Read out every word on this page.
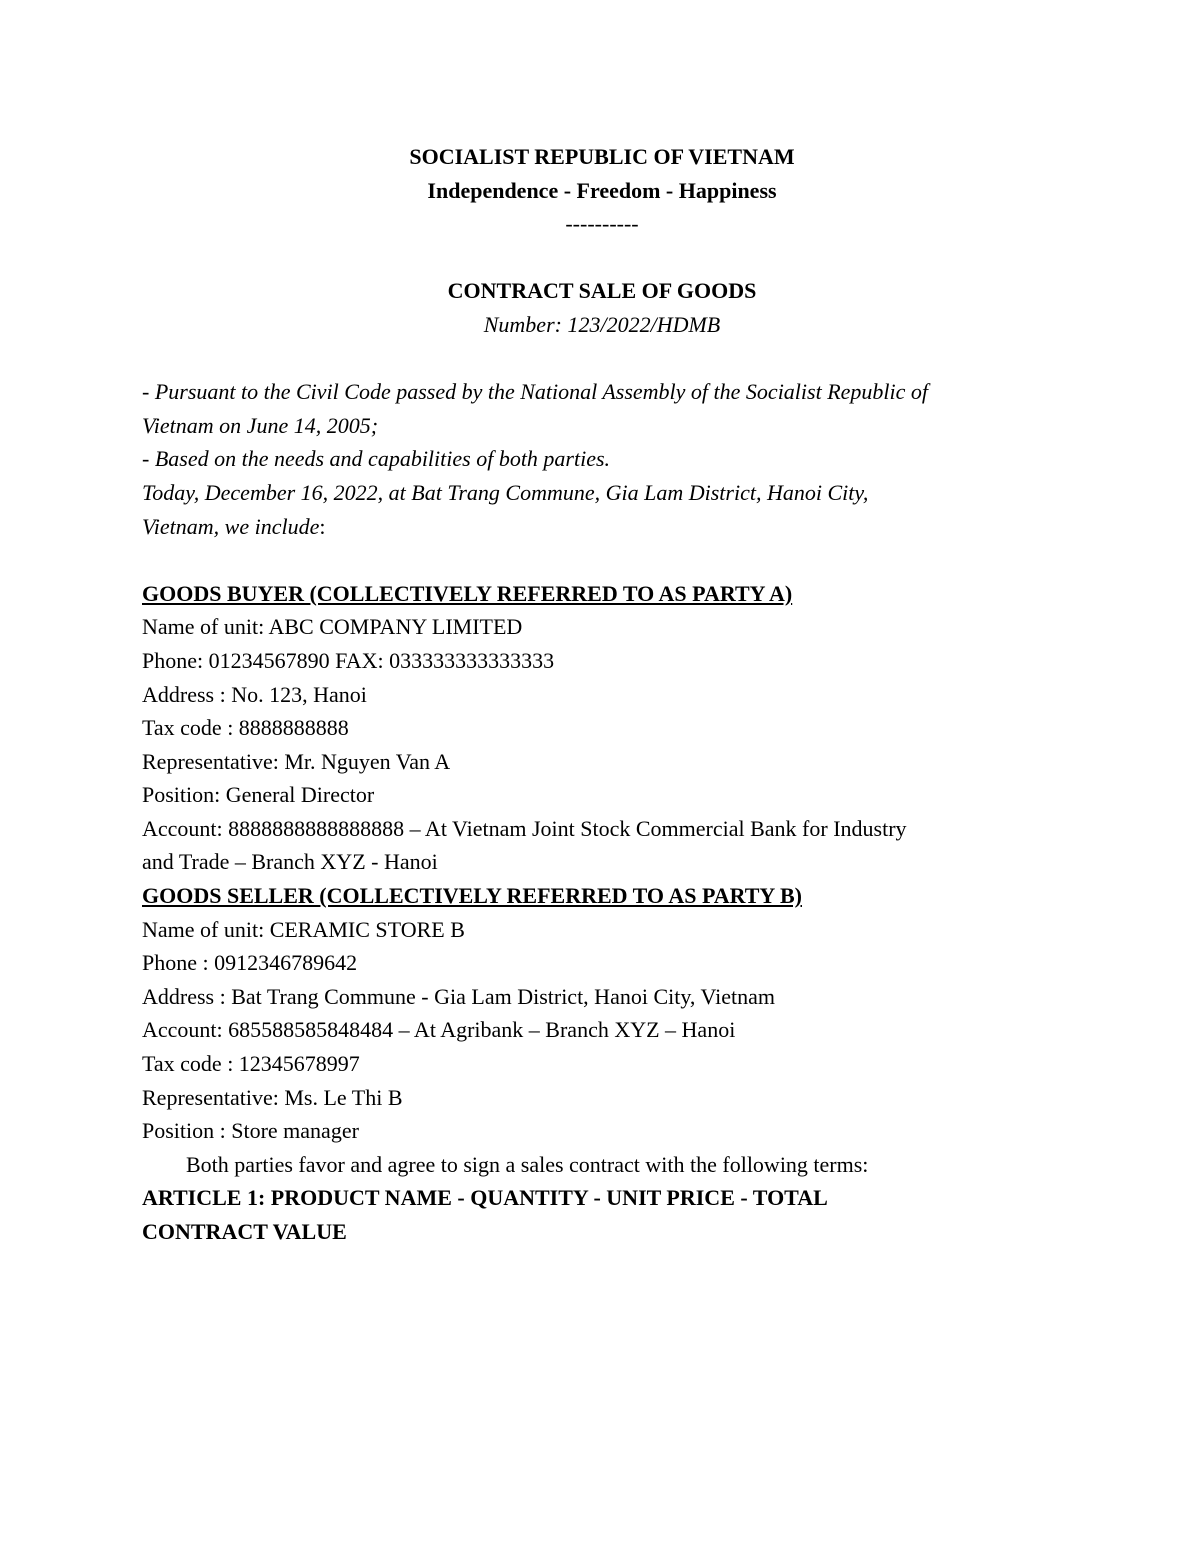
SOCIALIST REPUBLIC OF VIETNAM
Independence - Freedom - Happiness
----------
CONTRACT SALE OF GOODS
Number: 123/2022/HDMB
- Pursuant to the Civil Code passed by the National Assembly of the Socialist Republic of
Vietnam on June 14, 2005;
- Based on the needs and capabilities of both parties.
Today, December 16, 2022, at Bat Trang Commune, Gia Lam District, Hanoi City,
Vietnam, we include:
GOODS BUYER (COLLECTIVELY REFERRED TO AS PARTY A)
Name of unit: ABC COMPANY LIMITED
Phone: 01234567890 FAX: 033333333333333
Address : No. 123, Hanoi
Tax code : 8888888888
Representative: Mr. Nguyen Van A
Position: General Director
Account: 8888888888888888 – At Vietnam Joint Stock Commercial Bank for Industry
and Trade – Branch XYZ - Hanoi
GOODS SELLER (COLLECTIVELY REFERRED TO AS PARTY B)
Name of unit: CERAMIC STORE B
Phone : 0912346789642
Address : Bat Trang Commune - Gia Lam District, Hanoi City, Vietnam
Account: 685588585848484 – At Agribank – Branch XYZ – Hanoi
Tax code : 12345678997
Representative: Ms. Le Thi B
Position : Store manager
Both parties favor and agree to sign a sales contract with the following terms:
ARTICLE 1: PRODUCT NAME - QUANTITY - UNIT PRICE - TOTAL
CONTRACT VALUE
